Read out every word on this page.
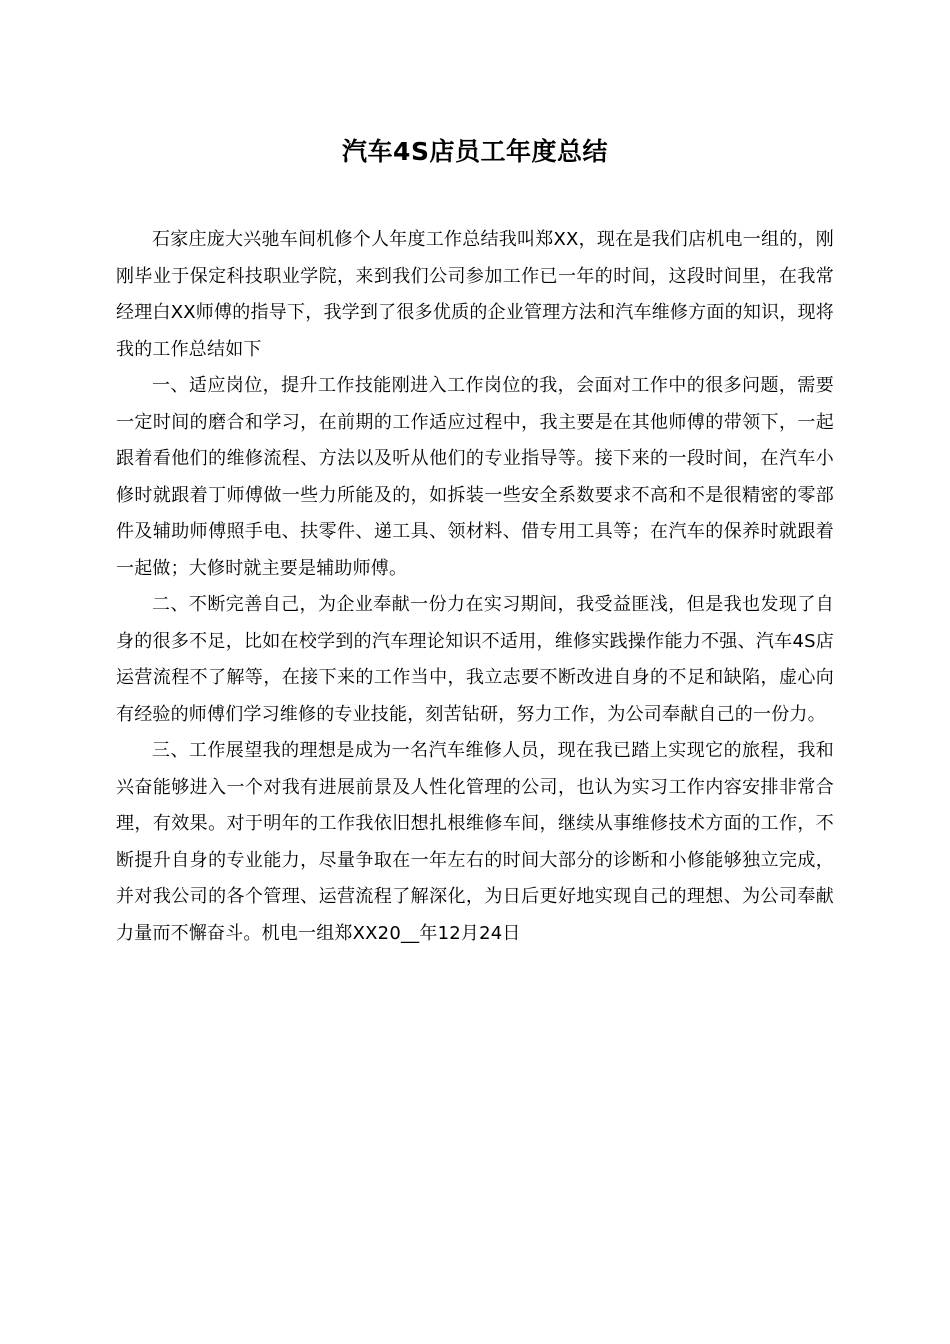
汽车4S店员工年度总结

石家庄庞大兴驰车间机修个人年度工作总结我叫郑XX，现在是我们店机电一组的，刚刚毕业于保定科技职业学院，来到我们公司参加工作已一年的时间，这段时间里，在我常经理白XX师傅的指导下，我学到了很多优质的企业管理方法和汽车维修方面的知识，现将我的工作总结如下

一、适应岗位，提升工作技能刚进入工作岗位的我，会面对工作中的很多问题，需要一定时间的磨合和学习，在前期的工作适应过程中，我主要是在其他师傅的带领下，一起跟着看他们的维修流程、方法以及听从他们的专业指导等。接下来的一段时间，在汽车小修时就跟着丁师傅做一些力所能及的，如拆装一些安全系数要求不高和不是很精密的零部件及辅助师傅照手电、扶零件、递工具、领材料、借专用工具等；在汽车的保养时就跟着一起做；大修时就主要是辅助师傅。

二、不断完善自己，为企业奉献一份力在实习期间，我受益匪浅，但是我也发现了自身的很多不足，比如在校学到的汽车理论知识不适用，维修实践操作能力不强、汽车4S店运营流程不了解等，在接下来的工作当中，我立志要不断改进自身的不足和缺陷，虚心向有经验的师傅们学习维修的专业技能，刻苦钻研，努力工作，为公司奉献自己的一份力。

三、工作展望我的理想是成为一名汽车维修人员，现在我已踏上实现它的旅程，我和兴奋能够进入一个对我有进展前景及人性化管理的公司，也认为实习工作内容安排非常合理，有效果。对于明年的工作我依旧想扎根维修车间，继续从事维修技术方面的工作，不断提升自身的专业能力，尽量争取在一年左右的时间大部分的诊断和小修能够独立完成，并对我公司的各个管理、运营流程了解深化，为日后更好地实现自己的理想、为公司奉献力量而不懈奋斗。机电一组郑XX20__年12月24日
